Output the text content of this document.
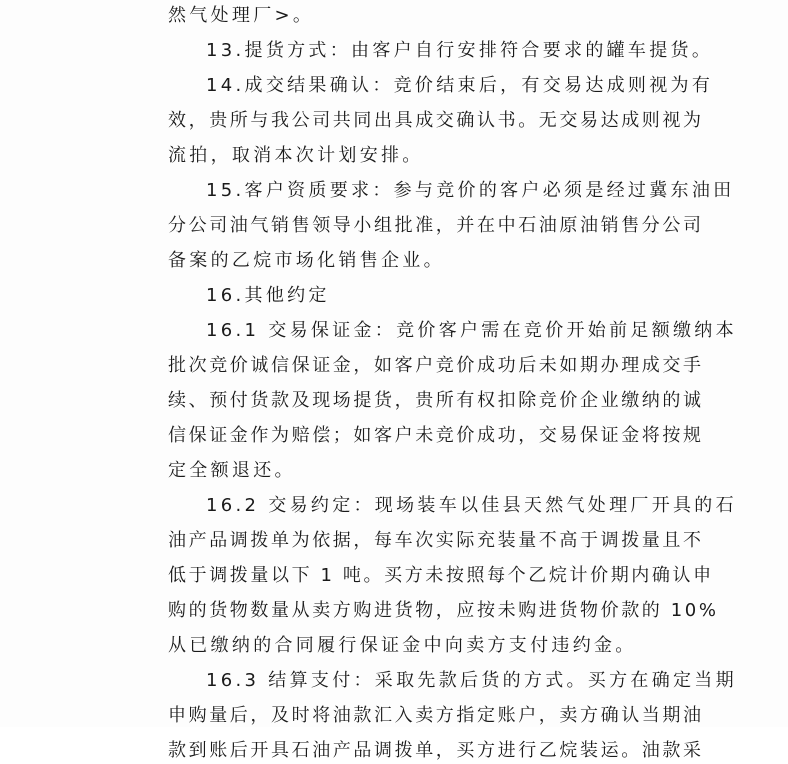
然气处理厂>。
13.提货方式：由客户自行安排符合要求的罐车提货。
14.成交结果确认：竞价结束后，有交易达成则视为有
效，贵所与我公司共同出具成交确认书。无交易达成则视为
流拍，取消本次计划安排。
15.客户资质要求：参与竞价的客户必须是经过冀东油田
分公司油气销售领导小组批准，并在中石油原油销售分公司
备案的乙烷市场化销售企业。
16.其他约定
16.1 交易保证金：竞价客户需在竞价开始前足额缴纳本
批次竞价诚信保证金，如客户竞价成功后未如期办理成交手
续、预付货款及现场提货，贵所有权扣除竞价企业缴纳的诚
信保证金作为赔偿；如客户未竞价成功，交易保证金将按规
定全额退还。
16.2 交易约定：现场装车以佳县天然气处理厂开具的石
油产品调拨单为依据，每车次实际充装量不高于调拨量且不
低于调拨量以下 1 吨。买方未按照每个乙烷计价期内确认申
购的货物数量从卖方购进货物，应按未购进货物价款的 10%
从已缴纳的合同履行保证金中向卖方支付违约金。
16.3 结算支付：采取先款后货的方式。买方在确定当期
申购量后，及时将油款汇入卖方指定账户，卖方确认当期油
款到账后开具石油产品调拨单，买方进行乙烷装运。油款采
